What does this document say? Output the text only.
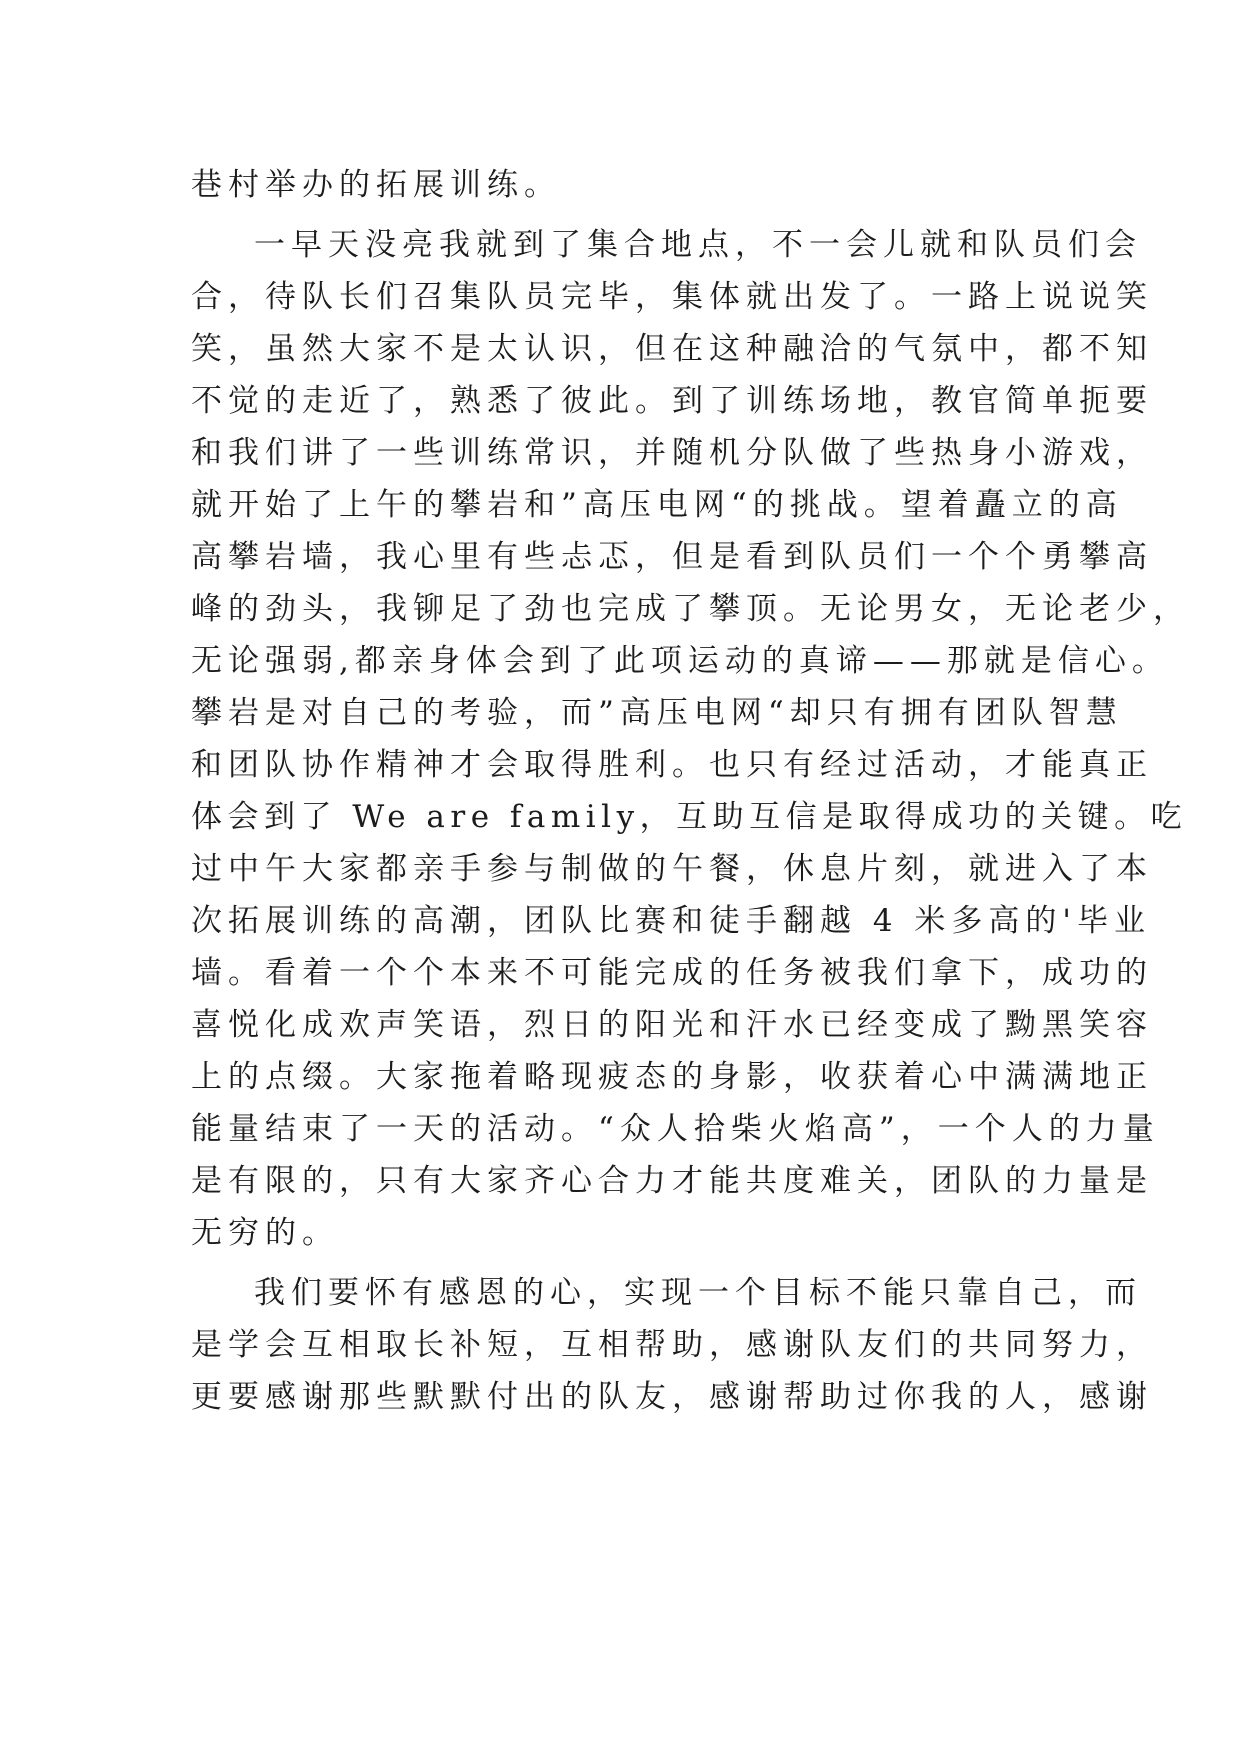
巷村举办的拓展训练。
一早天没亮我就到了集合地点，不一会儿就和队员们会
合，待队长们召集队员完毕，集体就出发了。一路上说说笑
笑，虽然大家不是太认识，但在这种融洽的气氛中，都不知
不觉的走近了，熟悉了彼此。到了训练场地，教官简单扼要
和我们讲了一些训练常识，并随机分队做了些热身小游戏，
就开始了上午的攀岩和”高压电网“的挑战。望着矗立的高
高攀岩墙，我心里有些忐忑，但是看到队员们一个个勇攀高
峰的劲头，我铆足了劲也完成了攀顶。无论男女，无论老少，
无论强弱,都亲身体会到了此项运动的真谛——那就是信心。
攀岩是对自己的考验，而”高压电网“却只有拥有团队智慧
和团队协作精神才会取得胜利。也只有经过活动，才能真正
体会到了 We are family，互助互信是取得成功的关键。吃
过中午大家都亲手参与制做的午餐，休息片刻，就进入了本
次拓展训练的高潮，团队比赛和徒手翻越 4 米多高的'毕业
墙。看着一个个本来不可能完成的任务被我们拿下，成功的
喜悦化成欢声笑语，烈日的阳光和汗水已经变成了黝黑笑容
上的点缀。大家拖着略现疲态的身影，收获着心中满满地正
能量结束了一天的活动。“众人拾柴火焰高”，一个人的力量
是有限的，只有大家齐心合力才能共度难关，团队的力量是
无穷的。
我们要怀有感恩的心，实现一个目标不能只靠自己，而
是学会互相取长补短，互相帮助，感谢队友们的共同努力，
更要感谢那些默默付出的队友，感谢帮助过你我的人，感谢
